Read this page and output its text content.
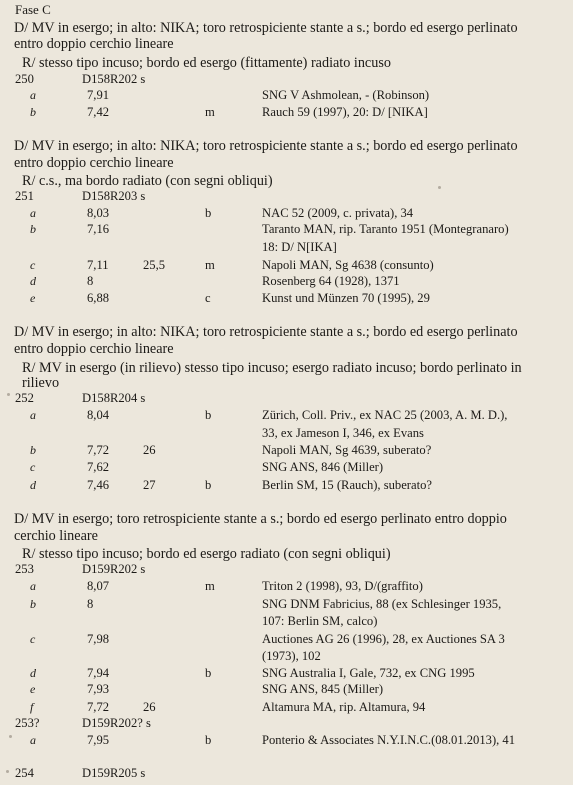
Fase C
D/ MV in esergo; in alto: NIKA; toro retrospiciente stante a s.; bordo ed esergo perlinato
entro doppio cerchio lineare
R/ stesso tipo incuso; bordo ed esergo (fittamente) radiato incuso
250	D158R202 s
a	7,91	SNG V Ashmolean, - (Robinson)
b	7,42	m	Rauch 59 (1997), 20: D/ [NIKA]
D/ MV in esergo; in alto: NIKA; toro retrospiciente stante a s.; bordo ed esergo perlinato
entro doppio cerchio lineare
R/ c.s., ma bordo radiato (con segni obliqui)
251	D158R203 s
a	8,03	b	NAC 52 (2009, c. privata), 34
b	7,16	Taranto MAN, rip. Taranto 1951 (Montegranaro)
18: D/ N[IKA]
c	7,11	25,5	m	Napoli MAN, Sg 4638 (consunto)
d	8	Rosenberg 64 (1928), 1371
e	6,88	c	Kunst und Münzen 70 (1995), 29
D/ MV in esergo; in alto: NIKA; toro retrospiciente stante a s.; bordo ed esergo perlinato
entro doppio cerchio lineare
R/ MV in esergo (in rilievo) stesso tipo incuso; esergo radiato incuso; bordo perlinato in
rilievo
252	D158R204 s
a	8,04	b	Zürich, Coll. Priv., ex NAC 25 (2003, A. M. D.),
33, ex Jameson I, 346, ex Evans
b	7,72	26	Napoli MAN, Sg 4639, suberato?
c	7,62	SNG ANS, 846 (Miller)
d	7,46	27	b	Berlin SM, 15 (Rauch), suberato?
D/ MV in esergo; toro retrospiciente stante a s.; bordo ed esergo perlinato entro doppio
cerchio lineare
R/ stesso tipo incuso; bordo ed esergo radiato (con segni obliqui)
253	D159R202 s
a	8,07	m	Triton 2 (1998), 93, D/(graffito)
b	8	SNG DNM Fabricius, 88 (ex Schlesinger 1935,
107: Berlin SM, calco)
c	7,98	Auctiones AG 26 (1996), 28, ex Auctiones SA 3
(1973), 102
d	7,94	b	SNG Australia I, Gale, 732, ex CNG 1995
e	7,93	SNG ANS, 845 (Miller)
f	7,72	26	Altamura MA, rip. Altamura, 94
253?	D159R202? s
a	7,95	b	Ponterio & Associates N.Y.I.N.C.(08.01.2013), 41
254	D159R205 s
